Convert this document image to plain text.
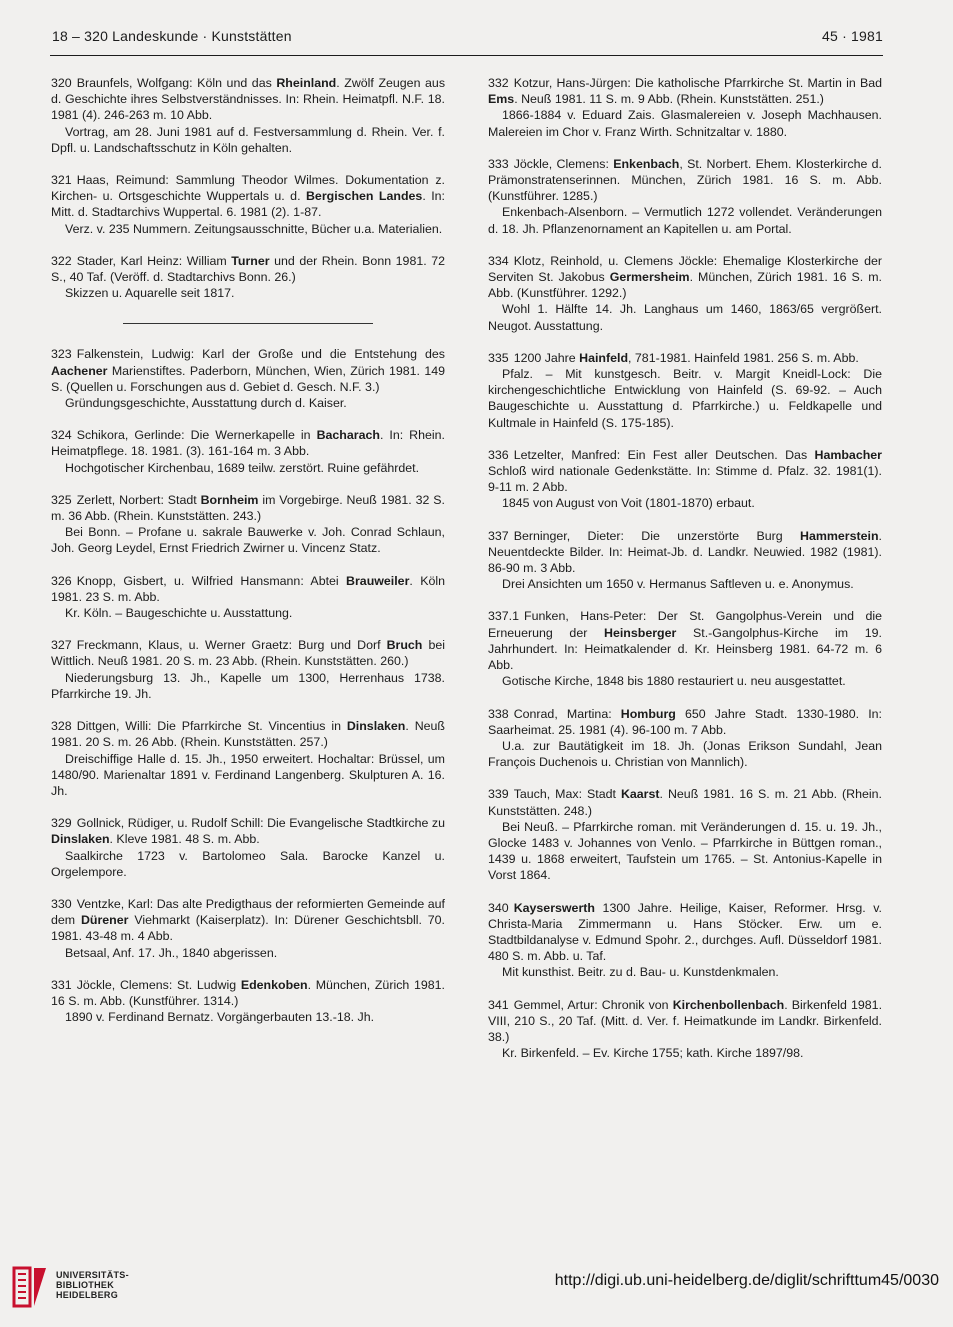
18 – 320 Landeskunde · Kunststätten	45 · 1981

320 Braunfels, Wolfgang: Köln und das Rheinland. Zwölf Zeugen aus d. Geschichte ihres Selbstverständnisses. In: Rhein. Heimatpfl. N.F. 18. 1981 (4). 246-263 m. 10 Abb.

Vortrag, am 28. Juni 1981 auf d. Festversammlung d. Rhein. Ver. f. Dpfl. u. Landschaftsschutz in Köln gehalten.

321 Haas, Reimund: Sammlung Theodor Wilmes. Dokumentation z. Kirchen- u. Ortsgeschichte Wuppertals u. d. Bergischen Landes. In: Mitt. d. Stadtarchivs Wuppertal. 6. 1981 (2). 1-87.

Verz. v. 235 Nummern. Zeitungsausschnitte, Bücher u.a. Materialien.

322 Stader, Karl Heinz: William Turner und der Rhein. Bonn 1981. 72 S., 40 Taf. (Veröff. d. Stadtarchivs Bonn. 26.)

Skizzen u. Aquarelle seit 1817.

323 Falkenstein, Ludwig: Karl der Große und die Entstehung des Aachener Marienstiftes. Paderborn, München, Wien, Zürich 1981. 149 S. (Quellen u. Forschungen aus d. Gebiet d. Gesch. N.F. 3.)

Gründungsgeschichte, Ausstattung durch d. Kaiser.

324 Schikora, Gerlinde: Die Wernerkapelle in Bacharach. In: Rhein. Heimatpflege. 18. 1981. (3). 161-164 m. 3 Abb.

Hochgotischer Kirchenbau, 1689 teilw. zerstört. Ruine gefährdet.

325 Zerlett, Norbert: Stadt Bornheim im Vorgebirge. Neuß 1981. 32 S. m. 36 Abb. (Rhein. Kunststätten. 243.)

Bei Bonn. – Profane u. sakrale Bauwerke v. Joh. Conrad Schlaun, Joh. Georg Leydel, Ernst Friedrich Zwirner u. Vincenz Statz.

326 Knopp, Gisbert, u. Wilfried Hansmann: Abtei Brauweiler. Köln 1981. 23 S. m. Abb.

Kr. Köln. – Baugeschichte u. Ausstattung.

327 Freckmann, Klaus, u. Werner Graetz: Burg und Dorf Bruch bei Wittlich. Neuß 1981. 20 S. m. 23 Abb. (Rhein. Kunststätten. 260.)

Niederungsburg 13. Jh., Kapelle um 1300, Herrenhaus 1738. Pfarrkirche 19. Jh.

328 Dittgen, Willi: Die Pfarrkirche St. Vincentius in Dinslaken. Neuß 1981. 20 S. m. 26 Abb. (Rhein. Kunststätten. 257.)

Dreischiffige Halle d. 15. Jh., 1950 erweitert. Hochaltar: Brüssel, um 1480/90. Marienaltar 1891 v. Ferdinand Langenberg. Skulpturen A. 16. Jh.

329 Gollnick, Rüdiger, u. Rudolf Schill: Die Evangelische Stadtkirche zu Dinslaken. Kleve 1981. 48 S. m. Abb.

Saalkirche 1723 v. Bartolomeo Sala. Barocke Kanzel u. Orgelempore.

330 Ventzke, Karl: Das alte Predigthaus der reformierten Gemeinde auf dem Dürener Viehmarkt (Kaiserplatz). In: Dürener Geschichtsbll. 70. 1981. 43-48 m. 4 Abb.

Betsaal, Anf. 17. Jh., 1840 abgerissen.

331 Jöckle, Clemens: St. Ludwig Edenkoben. München, Zürich 1981. 16 S. m. Abb. (Kunstführer. 1314.)

1890 v. Ferdinand Bernatz. Vorgängerbauten 13.-18. Jh.

332 Kotzur, Hans-Jürgen: Die katholische Pfarrkirche St. Martin in Bad Ems. Neuß 1981. 11 S. m. 9 Abb. (Rhein. Kunststätten. 251.)

1866-1884 v. Eduard Zais. Glasmalereien v. Joseph Machhausen. Malereien im Chor v. Franz Wirth. Schnitzaltar v. 1880.

333 Jöckle, Clemens: Enkenbach, St. Norbert. Ehem. Klosterkirche d. Prämonstratenserinnen. München, Zürich 1981. 16 S. m. Abb. (Kunstführer. 1285.)

Enkenbach-Alsenborn. – Vermutlich 1272 vollendet. Veränderungen d. 18. Jh. Pflanzenornament an Kapitellen u. am Portal.

334 Klotz, Reinhold, u. Clemens Jöckle: Ehemalige Klosterkirche der Serviten St. Jakobus Germersheim. München, Zürich 1981. 16 S. m. Abb. (Kunstführer. 1292.)

Wohl 1. Hälfte 14. Jh. Langhaus um 1460, 1863/65 vergrößert. Neugot. Ausstattung.

335 1200 Jahre Hainfeld, 781-1981. Hainfeld 1981. 256 S. m. Abb.

Pfalz. – Mit kunstgesch. Beitr. v. Margit Kneidl-Lock: Die kirchengeschichtliche Entwicklung von Hainfeld (S. 69-92. – Auch Baugeschichte u. Ausstattung d. Pfarrkirche.) u. Feldkapelle und Kultmale in Hainfeld (S. 175-185).

336 Letzelter, Manfred: Ein Fest aller Deutschen. Das Hambacher Schloß wird nationale Gedenkstätte. In: Stimme d. Pfalz. 32. 1981(1). 9-11 m. 2 Abb.

1845 von August von Voit (1801-1870) erbaut.

337 Berninger, Dieter: Die unzerstörte Burg Hammerstein. Neuentdeckte Bilder. In: Heimat-Jb. d. Landkr. Neuwied. 1982 (1981). 86-90 m. 3 Abb.

Drei Ansichten um 1650 v. Hermanus Saftleven u. e. Anonymus.

337.1 Funken, Hans-Peter: Der St. Gangolphus-Verein und die Erneuerung der Heinsberger St.-Gangolphus-Kirche im 19. Jahrhundert. In: Heimatkalender d. Kr. Heinsberg 1981. 64-72 m. 6 Abb.

Gotische Kirche, 1848 bis 1880 restauriert u. neu ausgestattet.

338 Conrad, Martina: Homburg 650 Jahre Stadt. 1330-1980. In: Saarheimat. 25. 1981 (4). 96-100 m. 7 Abb.

U.a. zur Bautätigkeit im 18. Jh. (Jonas Erikson Sundahl, Jean François Duchenois u. Christian von Mannlich).

339 Tauch, Max: Stadt Kaarst. Neuß 1981. 16 S. m. 21 Abb. (Rhein. Kunststätten. 248.)

Bei Neuß. – Pfarrkirche roman. mit Veränderungen d. 15. u. 19. Jh., Glocke 1483 v. Johannes von Venlo. – Pfarrkirche in Büttgen roman., 1439 u. 1868 erweitert, Taufstein um 1765. – St. Antonius-Kapelle in Vorst 1864.

340 Kayserswerth 1300 Jahre. Heilige, Kaiser, Reformer. Hrsg. v. Christa-Maria Zimmermann u. Hans Stöcker. Erw. um e. Stadtbildanalyse v. Edmund Spohr. 2., durchges. Aufl. Düsseldorf 1981. 480 S. m. Abb. u. Taf.

Mit kunsthist. Beitr. zu d. Bau- u. Kunstdenkmalen.

341 Gemmel, Artur: Chronik von Kirchenbollenbach. Birkenfeld 1981. VIII, 210 S., 20 Taf. (Mitt. d. Ver. f. Heimatkunde im Landkr. Birkenfeld. 38.)

Kr. Birkenfeld. – Ev. Kirche 1755; kath. Kirche 1897/98.

UNIVERSITÄTS-
BIBLIOTHEK
HEIDELBERG
http://digi.ub.uni-heidelberg.de/diglit/schrifttum45/0030
